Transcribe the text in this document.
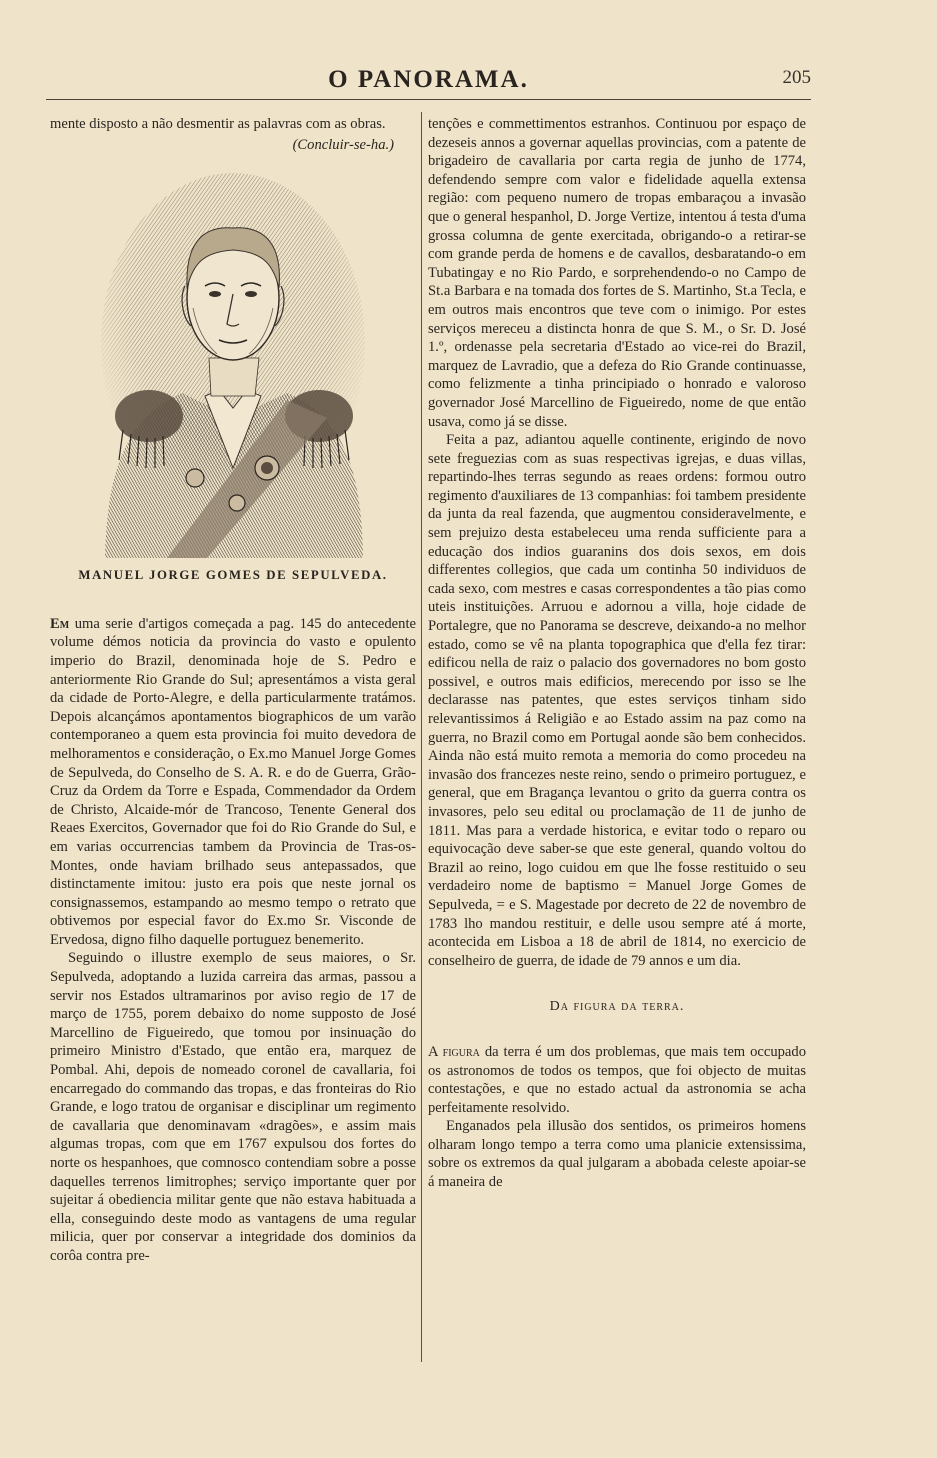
O PANORAMA.	205

mente disposto a não desmentir as palavras com as obras.

(Concluir-se-ha.)

MANUEL JORGE GOMES DE SEPULVEDA.

Em uma serie d'artigos começada a pag. 145 do antecedente volume démos noticia da provincia do vasto e opulento imperio do Brazil, denominada hoje de S. Pedro e anteriormente Rio Grande do Sul; apresentámos a vista geral da cidade de Porto-Alegre, e della particularmente tratámos. Depois alcançámos apontamentos biographicos de um varão contemporaneo a quem esta provincia foi muito devedora de melhoramentos e consideração, o Ex.mo Manuel Jorge Gomes de Sepulveda, do Conselho de S. A. R. e do de Guerra, Grão-Cruz da Ordem da Torre e Espada, Commendador da Ordem de Christo, Alcaide-mór de Trancoso, Tenente General dos Reaes Exercitos, Governador que foi do Rio Grande do Sul, e em varias occurrencias tambem da Provincia de Tras-os-Montes, onde haviam brilhado seus antepassados, que distinctamente imitou: justo era pois que neste jornal os consignassemos, estampando ao mesmo tempo o retrato que obtivemos por especial favor do Ex.mo Sr. Visconde de Ervedosa, digno filho daquelle portuguez benemerito.

Seguindo o illustre exemplo de seus maiores, o Sr. Sepulveda, adoptando a luzida carreira das armas, passou a servir nos Estados ultramarinos por aviso regio de 17 de março de 1755, porem debaixo do nome supposto de José Marcellino de Figueiredo, que tomou por insinuação do primeiro Ministro d'Estado, que então era, marquez de Pombal. Ahi, depois de nomeado coronel de cavallaria, foi encarregado do commando das tropas, e das fronteiras do Rio Grande, e logo tratou de organisar e disciplinar um regimento de cavallaria que denominavam «dragões», e assim mais algumas tropas, com que em 1767 expulsou dos fortes do norte os hespanhoes, que comnosco contendiam sobre a posse daquelles terrenos limitrophes; serviço importante quer por sujeitar á obediencia militar gente que não estava habituada a ella, conseguindo deste modo as vantagens de uma regular milicia, quer por conservar a integridade dos dominios da corôa contra pre-

tenções e commettimentos estranhos. Continuou por espaço de dezeseis annos a governar aquellas provincias, com a patente de brigadeiro de cavallaria por carta regia de junho de 1774, defendendo sempre com valor e fidelidade aquella extensa região: com pequeno numero de tropas embaraçou a invasão que o general hespanhol, D. Jorge Vertize, intentou á testa d'uma grossa columna de gente exercitada, obrigando-o a retirar-se com grande perda de homens e de cavallos, desbaratando-o em Tubatingay e no Rio Pardo, e sorprehendendo-o no Campo de St.a Barbara e na tomada dos fortes de S. Martinho, St.a Tecla, e em outros mais encontros que teve com o inimigo. Por estes serviços mereceu a distincta honra de que S. M., o Sr. D. José 1.º, ordenasse pela secretaria d'Estado ao vice-rei do Brazil, marquez de Lavradio, que a defeza do Rio Grande continuasse, como felizmente a tinha principiado o honrado e valoroso governador José Marcellino de Figueiredo, nome de que então usava, como já se disse.

Feita a paz, adiantou aquelle continente, erigindo de novo sete freguezias com as suas respectivas igrejas, e duas villas, repartindo-lhes terras segundo as reaes ordens: formou outro regimento d'auxiliares de 13 companhias: foi tambem presidente da junta da real fazenda, que augmentou consideravelmente, e sem prejuizo desta estabeleceu uma renda sufficiente para a educação dos indios guaranins dos dois sexos, em dois differentes collegios, que cada um continha 50 individuos de cada sexo, com mestres e casas correspondentes a tão pias como uteis instituições. Arruou e adornou a villa, hoje cidade de Portalegre, que no Panorama se descreve, deixando-a no melhor estado, como se vê na planta topographica que d'ella fez tirar: edificou nella de raiz o palacio dos governadores no bom gosto possivel, e outros mais edificios, merecendo por isso se lhe declarasse nas patentes, que estes serviços tinham sido relevantissimos á Religião e ao Estado assim na paz como na guerra, no Brazil como em Portugal aonde são bem conhecidos. Ainda não está muito remota a memoria do como procedeu na invasão dos francezes neste reino, sendo o primeiro portuguez, e general, que em Bragança levantou o grito da guerra contra os invasores, pelo seu edital ou proclamação de 11 de junho de 1811. Mas para a verdade historica, e evitar todo o reparo ou equivocação deve saber-se que este general, quando voltou do Brazil ao reino, logo cuidou em que lhe fosse restituido o seu verdadeiro nome de baptismo = Manuel Jorge Gomes de Sepulveda, = e S. Magestade por decreto de 22 de novembro de 1783 lho mandou restituir, e delle usou sempre até á morte, acontecida em Lisboa a 18 de abril de 1814, no exercicio de conselheiro de guerra, de idade de 79 annos e um dia.

Da figura da terra.

A figura da terra é um dos problemas, que mais tem occupado os astronomos de todos os tempos, que foi objecto de muitas contestações, e que no estado actual da astronomia se acha perfeitamente resolvido.

Enganados pela illusão dos sentidos, os primeiros homens olharam longo tempo a terra como uma planicie extensissima, sobre os extremos da qual julgaram a abobada celeste apoiar-se á maneira de
